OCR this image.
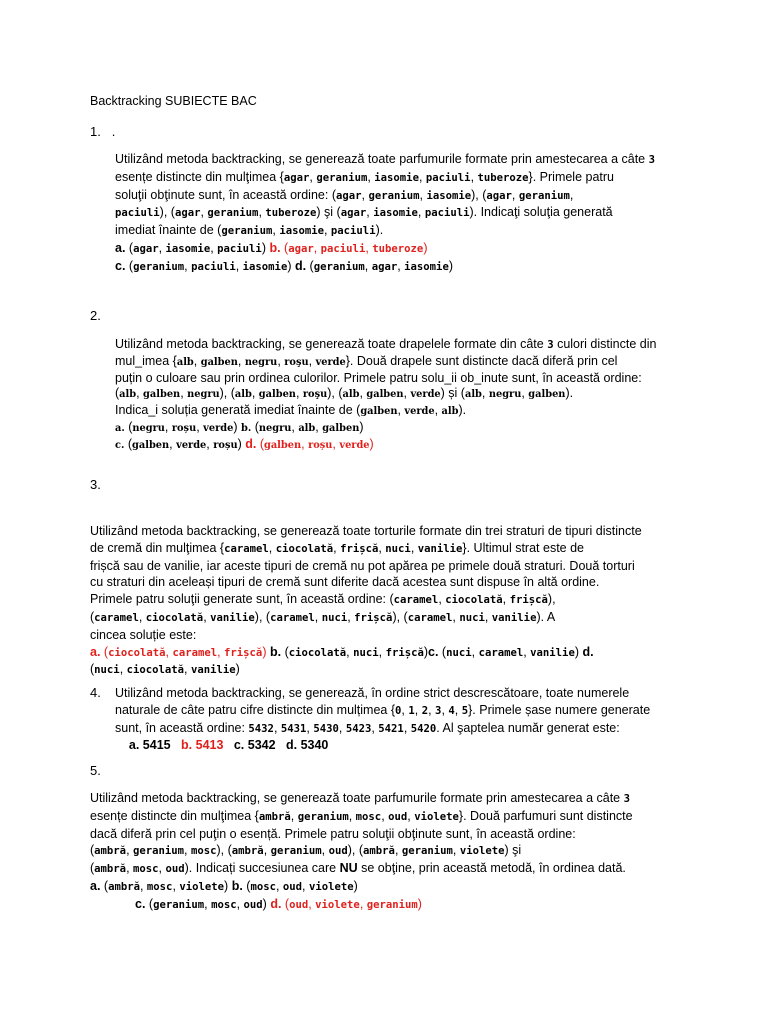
Backtracking SUBIECTE BAC
1. .
Utilizând metoda backtracking, se generează toate parfumurile formate prin amestecarea a câte 3
esențe distincte din mulţimea {agar, geranium, iasomie, paciuli, tuberoze}. Primele patru
soluţii obţinute sunt, în această ordine: (agar, geranium, iasomie), (agar, geranium,
paciuli), (agar, geranium, tuberoze) şi (agar, iasomie, paciuli). Indicaţi soluţia generată
imediat înainte de (geranium, iasomie, paciuli).
a. (agar, iasomie, paciuli) b. (agar, paciuli, tuberoze)
c. (geranium, paciuli, iasomie) d. (geranium, agar, iasomie)
2.
Utilizând metoda backtracking, se generează toate drapelele formate din câte 3 culori distincte din
mul_imea {alb, galben, negru, roşu, verde}. Două drapele sunt distincte dacă diferă prin cel
puțin o culoare sau prin ordinea culorilor. Primele patru solu_ii ob_inute sunt, în această ordine:
(alb, galben, negru), (alb, galben, roşu), (alb, galben, verde) și (alb, negru, galben).
Indica_i soluția generată imediat înainte de (galben, verde, alb).
a. (negru, roșu, verde) b. (negru, alb, galben)
c. (galben, verde, roșu) d. (galben, roșu, verde)
3.
Utilizând metoda backtracking, se generează toate torturile formate din trei straturi de tipuri distincte
de cremă din mulţimea {caramel, ciocolată, frișcă, nuci, vanilie}. Ultimul strat este de
frișcă sau de vanilie, iar aceste tipuri de cremă nu pot apărea pe primele două straturi. Două torturi
cu straturi din aceleași tipuri de cremă sunt diferite dacă acestea sunt dispuse în altă ordine.
Primele patru soluţii generate sunt, în această ordine: (caramel, ciocolată, frișcă),
(caramel, ciocolată, vanilie), (caramel, nuci, frișcă), (caramel, nuci, vanilie). A
cincea soluție este:
a. (ciocolată, caramel, frișcă) b. (ciocolată, nuci, frișcă)c. (nuci, caramel, vanilie) d.
(nuci, ciocolată, vanilie)
4. Utilizând metoda backtracking, se generează, în ordine strict descrescătoare, toate numerele
naturale de câte patru cifre distincte din mulțimea {0, 1, 2, 3, 4, 5}. Primele șase numere generate
sunt, în această ordine: 5432, 5431, 5430, 5423, 5421, 5420. Al şaptelea număr generat este:
a. 5415 b. 5413 c. 5342 d. 5340
5.
Utilizând metoda backtracking, se generează toate parfumurile formate prin amestecarea a câte 3
esențe distincte din mulţimea {ambră, geranium, mosc, oud, violete}. Două parfumuri sunt distincte
dacă diferă prin cel puţin o esență. Primele patru soluţii obţinute sunt, în această ordine:
(ambră, geranium, mosc), (ambră, geranium, oud), (ambră, geranium, violete) şi
(ambră, mosc, oud). Indicați succesiunea care NU se obţine, prin această metodă, în ordinea dată.
a. (ambră, mosc, violete) b. (mosc, oud, violete)
c. (geranium, mosc, oud) d. (oud, violete, geranium)
